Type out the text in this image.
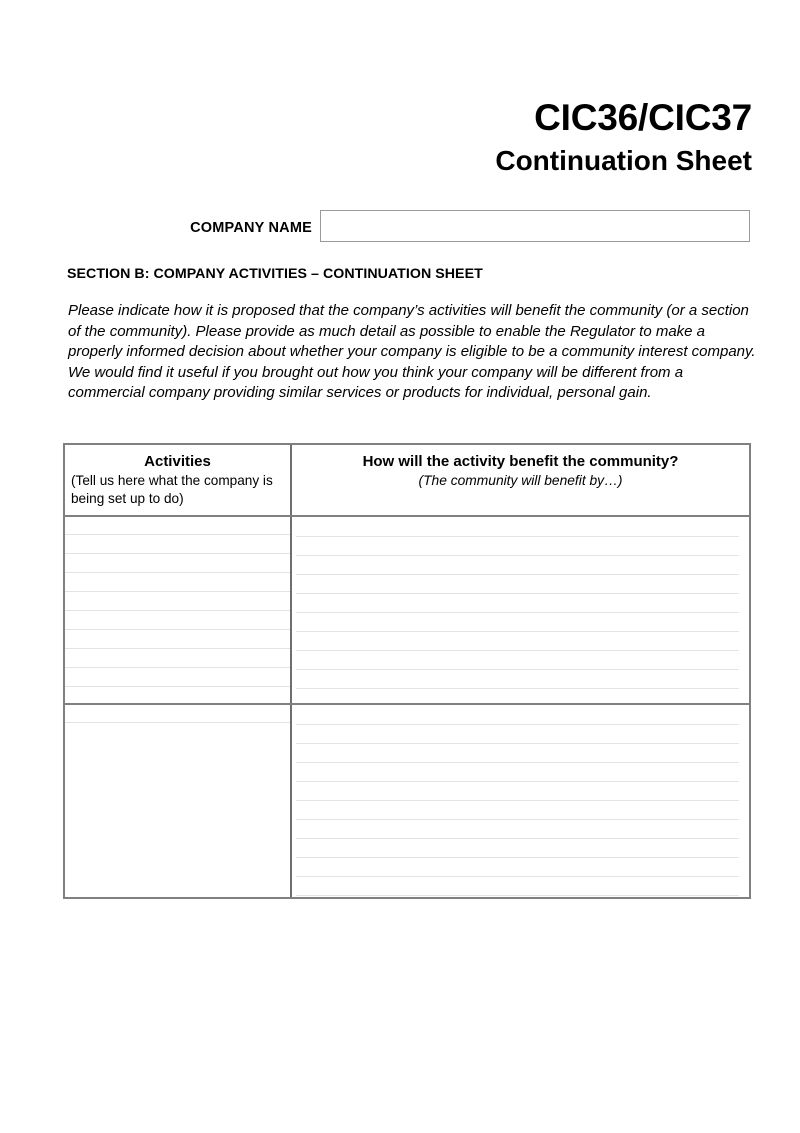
CIC36/CIC37
Continuation Sheet
COMPANY NAME
SECTION B: COMPANY ACTIVITIES – CONTINUATION SHEET
Please indicate how it is proposed that the company’s activities will benefit the community (or a section of the community). Please provide as much detail as possible to enable the Regulator to make a properly informed decision about whether your company is eligible to be a community interest company. We would find it useful if you brought out how you think your company will be different from a commercial company providing similar services or products for individual, personal gain.
Activities
(Tell us here what the company is being set up to do)
How will the activity benefit the community?
(The community will benefit by…)
